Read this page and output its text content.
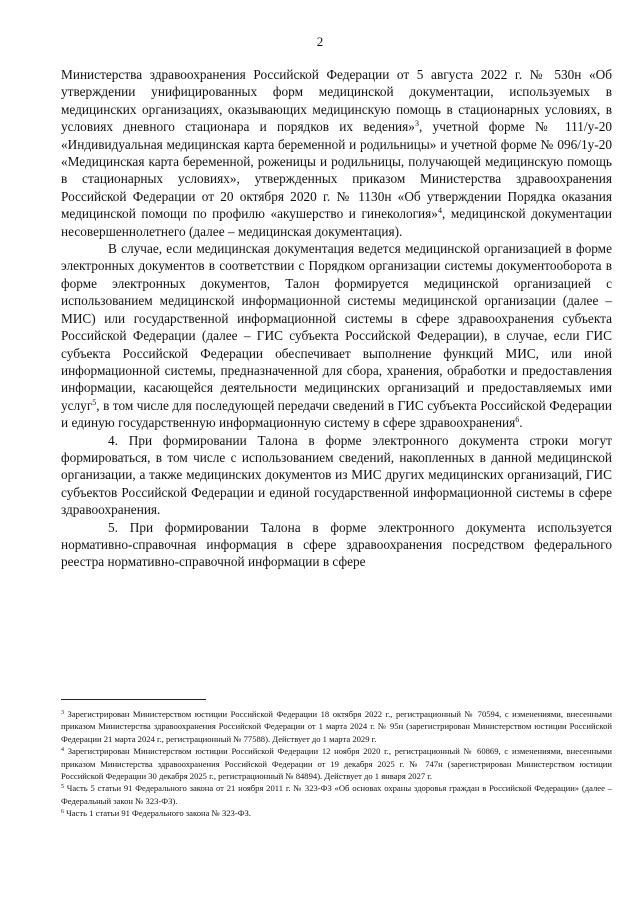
2

Министерства здравоохранения Российской Федерации от 5 августа 2022 г. № 530н «Об утверждении унифицированных форм медицинской документации, используемых в медицинских организациях, оказывающих медицинскую помощь в стационарных условиях, в условиях дневного стационара и порядков их ведения»$^3$, учетной форме № 111/у-20 «Индивидуальная медицинская карта беременной и родильницы» и учетной форме № 096/1у-20 «Медицинская карта беременной, роженицы и родильницы, получающей медицинскую помощь в стационарных условиях», утвержденных приказом Министерства здравоохранения Российской Федерации от 20 октября 2020 г. № 1130н «Об утверждении Порядка оказания медицинской помощи по профилю «акушерство и гинекология»$^4$, медицинской документации несовершеннолетнего (далее – медицинская документация).

В случае, если медицинская документация ведется медицинской организацией в форме электронных документов в соответствии с Порядком организации системы документооборота в форме электронных документов, Талон формируется медицинской организацией с использованием медицинской информационной системы медицинской организации (далее – МИС) или государственной информационной системы в сфере здравоохранения субъекта Российской Федерации (далее – ГИС субъекта Российской Федерации), в случае, если ГИС субъекта Российской Федерации обеспечивает выполнение функций МИС, или иной информационной системы, предназначенной для сбора, хранения, обработки и предоставления информации, касающейся деятельности медицинских организаций и предоставляемых ими услуг$^5$, в том числе для последующей передачи сведений в ГИС субъекта Российской Федерации и единую государственную информационную систему в сфере здравоохранения$^6$.

4. При формировании Талона в форме электронного документа строки могут формироваться, в том числе с использованием сведений, накопленных в данной медицинской организации, а также медицинских документов из МИС других медицинских организаций, ГИС субъектов Российской Федерации и единой государственной информационной системы в сфере здравоохранения.

5. При формировании Талона в форме электронного документа используется нормативно-справочная информация в сфере здравоохранения посредством федерального реестра нормативно-справочной информации в сфере

$^3$ Зарегистрирован Министерством юстиции Российской Федерации 18 октября 2022 г., регистрационный № 70594, с изменениями, внесенными приказом Министерства здравоохранения Российской Федерации от 1 марта 2024 г. № 95н (зарегистрирован Министерством юстиции Российской Федерации 21 марта 2024 г., регистрационный № 77588). Действует до 1 марта 2029 г.

$^4$ Зарегистрирован Министерством юстиции Российской Федерации 12 ноября 2020 г., регистрационный № 60869, с изменениями, внесенными приказом Министерства здравоохранения Российской Федерации от 19 декабря 2025 г. № 747н (зарегистрирован Министерством юстиции Российской Федерации 30 декабря 2025 г., регистрационный № 84894). Действует до 1 января 2027 г.

$^5$ Часть 5 статьи 91 Федерального закона от 21 ноября 2011 г. № 323-ФЗ «Об основах охраны здоровья граждан в Российской Федерации» (далее – Федеральный закон № 323-ФЗ).

$^6$ Часть 1 статьи 91 Федерального закона № 323-ФЗ.
